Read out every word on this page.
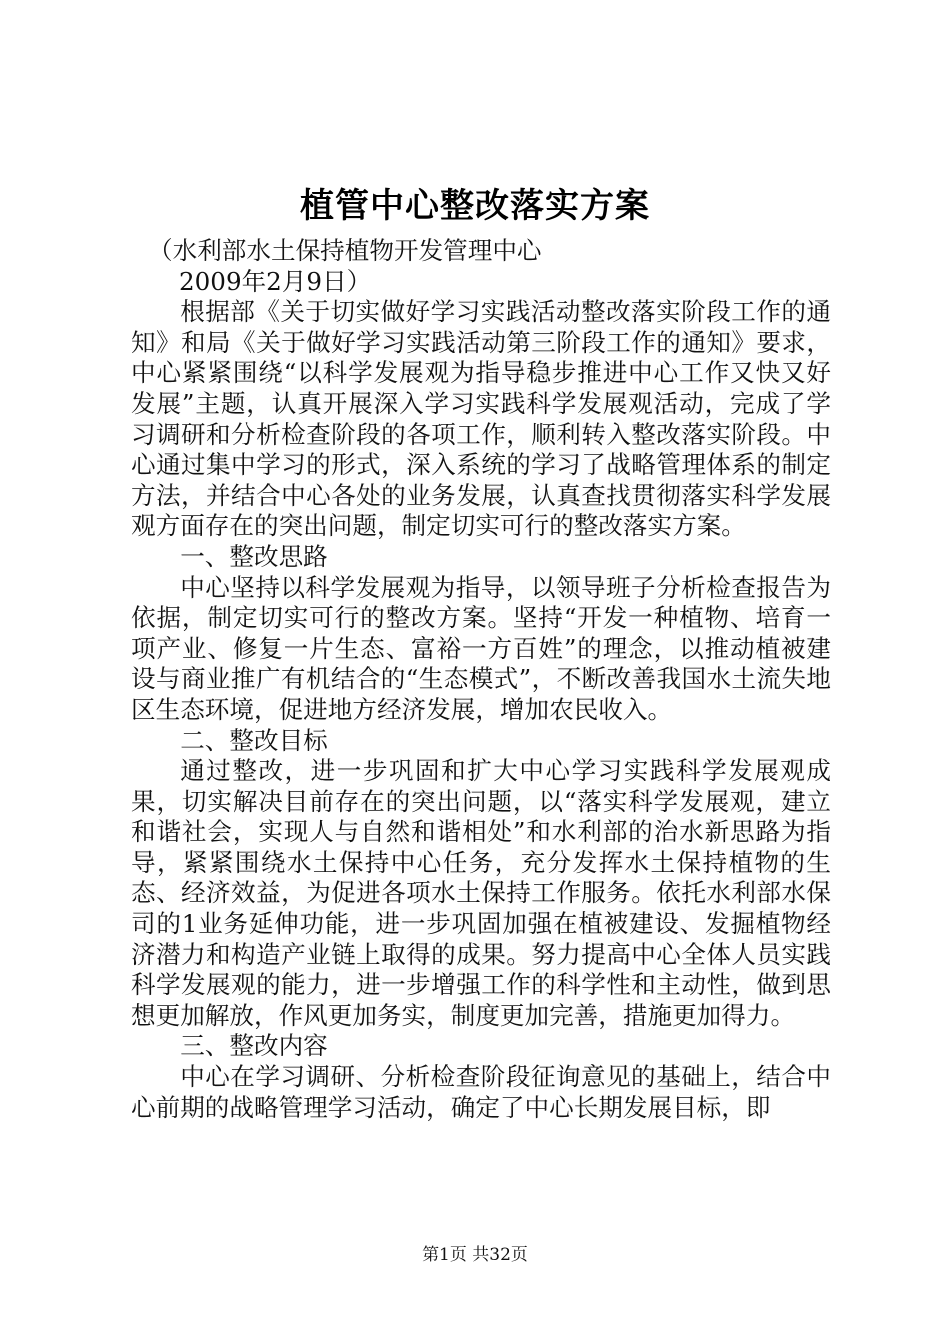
植管中心整改落实方案
（水利部水土保持植物开发管理中心
2009年2月9日）
根据部《关于切实做好学习实践活动整改落实阶段工作的通知》和局《关于做好学习实践活动第三阶段工作的通知》要求，中心紧紧围绕“以科学发展观为指导稳步推进中心工作又快又好发展”主题，认真开展深入学习实践科学发展观活动，完成了学习调研和分析检查阶段的各项工作，顺利转入整改落实阶段。中心通过集中学习的形式，深入系统的学习了战略管理体系的制定方法，并结合中心各处的业务发展，认真查找贯彻落实科学发展观方面存在的突出问题，制定切实可行的整改落实方案。
一、整改思路
中心坚持以科学发展观为指导，以领导班子分析检查报告为依据，制定切实可行的整改方案。坚持“开发一种植物、培育一项产业、修复一片生态、富裕一方百姓”的理念，以推动植被建设与商业推广有机结合的“生态模式”，不断改善我国水土流失地区生态环境，促进地方经济发展，增加农民收入。
二、整改目标
通过整改，进一步巩固和扩大中心学习实践科学发展观成果，切实解决目前存在的突出问题，以“落实科学发展观，建立和谐社会，实现人与自然和谐相处”和水利部的治水新思路为指导，紧紧围绕水土保持中心任务，充分发挥水土保持植物的生态、经济效益，为促进各项水土保持工作服务。依托水利部水保司的1业务延伸功能，进一步巩固加强在植被建设、发掘植物经济潜力和构造产业链上取得的成果。努力提高中心全体人员实践科学发展观的能力，进一步增强工作的科学性和主动性，做到思想更加解放，作风更加务实，制度更加完善，措施更加得力。
三、整改内容
中心在学习调研、分析检查阶段征询意见的基础上，结合中心前期的战略管理学习活动，确定了中心长期发展目标，即
第1页 共32页
